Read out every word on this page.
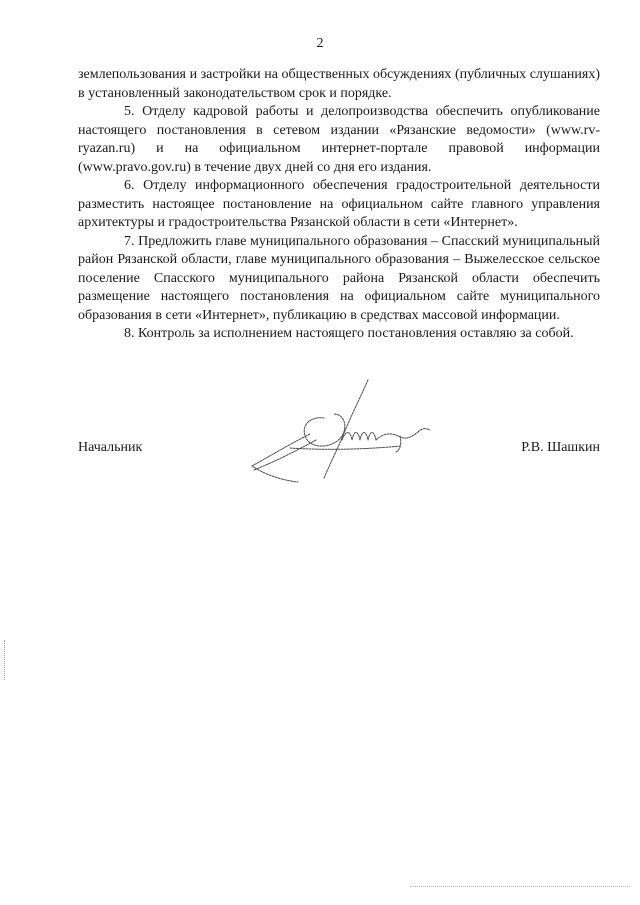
2

землепользования и застройки на общественных обсуждениях (публичных слушаниях) в установленный законодательством срок и порядке.

5. Отделу кадровой работы и делопроизводства обеспечить опубликование настоящего постановления в сетевом издании «Рязанские ведомости» (www.rv-ryazan.ru) и на официальном интернет-портале правовой информации (www.pravo.gov.ru) в течение двух дней со дня его издания.

6. Отделу информационного обеспечения градостроительной деятельности разместить настоящее постановление на официальном сайте главного управления архитектуры и градостроительства Рязанской области в сети «Интернет».

7. Предложить главе муниципального образования – Спасский муниципальный район Рязанской области, главе муниципального образования – Выжелесское сельское поселение Спасского муниципального района Рязанской области обеспечить размещение настоящего постановления на официальном сайте муниципального образования в сети «Интернет», публикацию в средствах массовой информации.

8. Контроль за исполнением настоящего постановления оставляю за собой.

Начальник	Р.В. Шашкин
